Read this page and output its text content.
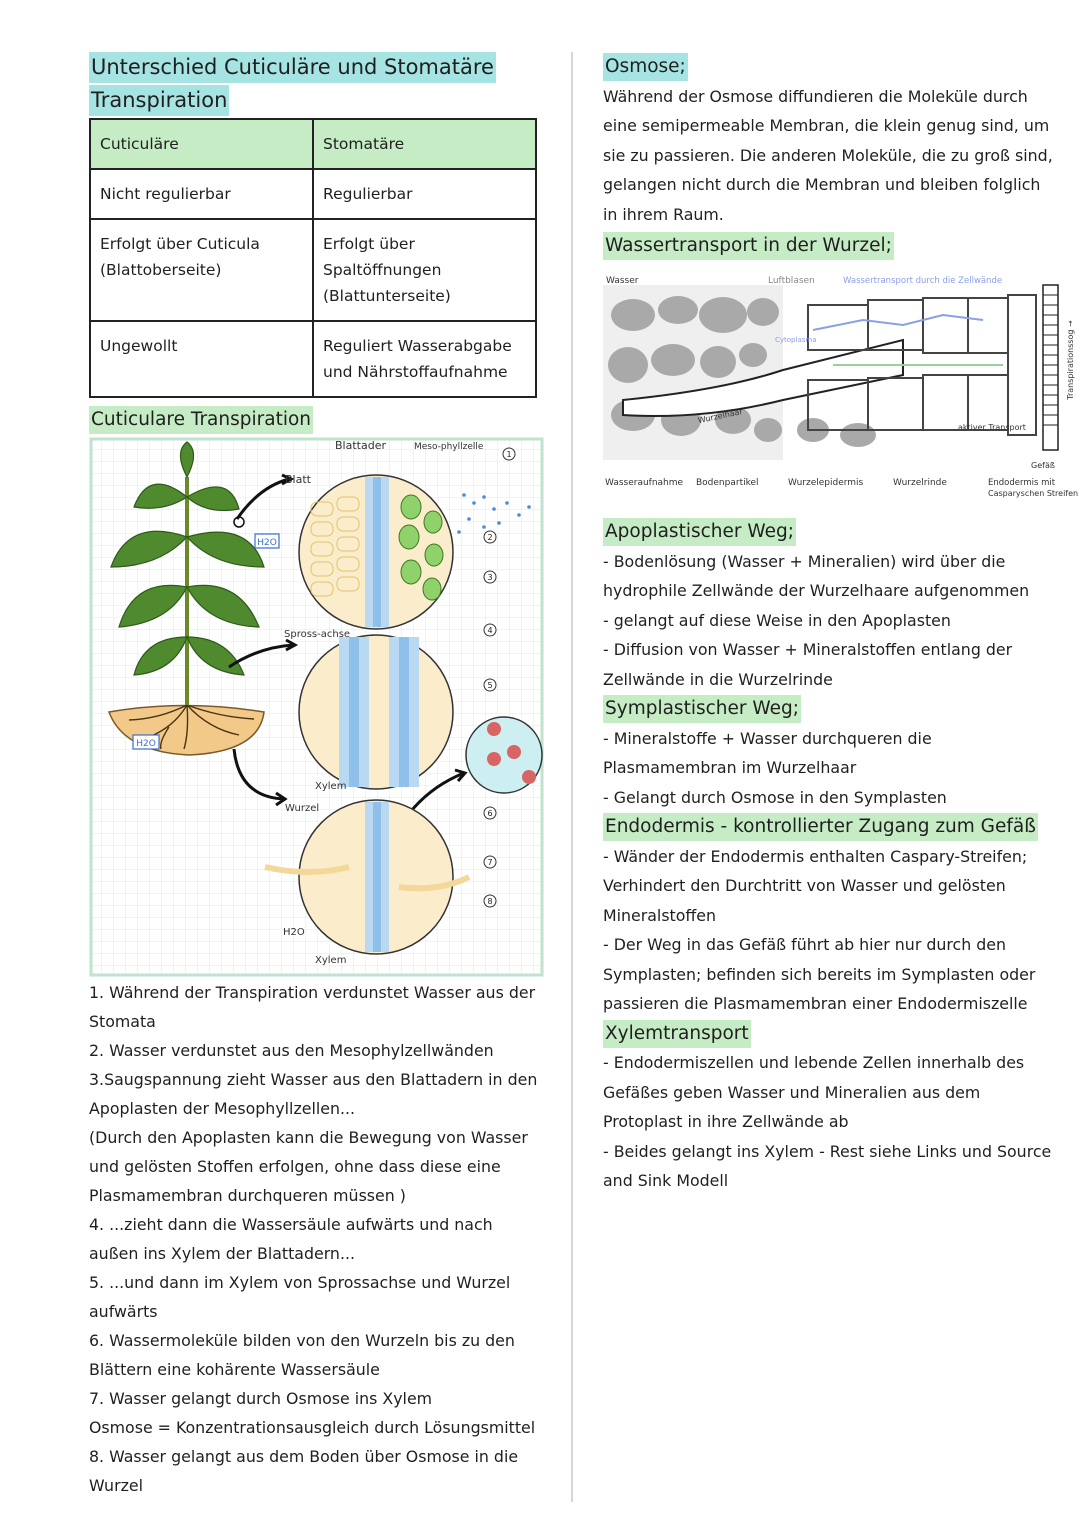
Unterschied Cuticuläre und Stomatäre
Transpiration
Cuticuläre	Stomatäre
Nicht regulierbar	Regulierbar
Erfolgt über Cuticula (Blattoberseite)	Erfolgt über Spaltöffnungen (Blattunterseite)
Ungewollt	Reguliert Wasserabgabe und Nährstoffaufnahme
Cuticulare Transpiration
H2O
H2O
1
2
3
4
5
6
7
8
Blattader	Meso-phyllzelle
Blatt
Spross-achse
Xylem
Wurzel
H2O
Xylem

1. Während der Transpiration verdunstet Wasser aus der Stomata

2. Wasser verdunstet aus den Mesophylzellwänden

3.Saugspannung zieht Wasser aus den Blattadern in den Apoplasten der Mesophyllzellen...

(Durch den Apoplasten kann die Bewegung von Wasser und gelösten Stoffen erfolgen, ohne dass diese eine Plasmamembran durchqueren müssen )

4. ...zieht dann die Wassersäule aufwärts und nach außen ins Xylem der Blattadern...

5. ...und dann im Xylem von Sprossachse und Wurzel aufwärts

6. Wassermoleküle bilden von den Wurzeln bis zu den Blättern eine kohärente Wassersäule

7. Wasser gelangt durch Osmose ins Xylem

Osmose = Konzentrationsausgleich durch Lösungsmittel

8. Wasser gelangt aus dem Boden über Osmose in die Wurzel

Osmose;

Während der Osmose diffundieren die Moleküle durch eine semipermeable Membran, die klein genug sind, um sie zu passieren. Die anderen Moleküle, die zu groß sind, gelangen nicht durch die Membran und bleiben folglich in ihrem Raum.

Wassertransport in der Wurzel;
Wasser	Luftblasen	Wassertransport durch die Zellwände
Cytoplasma
Wurzelhaar
aktiver Transport
Gefäß
Transpirationssog →
Wasseraufnahme Bodenpartikel	Wurzelepidermis	Wurzelrinde	Endodermis mit
Casparyschen Streifen
Apoplastischer Weg;

- Bodenlösung (Wasser + Mineralien) wird über die hydrophile Zellwände der Wurzelhaare aufgenommen

- gelangt auf diese Weise in den Apoplasten

- Diffusion von Wasser + Mineralstoffen entlang der Zellwände in die Wurzelrinde

Symplastischer Weg;

- Mineralstoffe + Wasser durchqueren die Plasmamembran im Wurzelhaar

- Gelangt durch Osmose in den Symplasten

Endodermis - kontrollierter Zugang zum Gefäß

- Wänder der Endodermis enthalten Caspary-Streifen; Verhindert den Durchtritt von Wasser und gelösten Mineralstoffen

- Der Weg in das Gefäß führt ab hier nur durch den Symplasten; befinden sich bereits im Symplasten oder passieren die Plasmamembran einer Endodermiszelle

Xylemtransport

- Endodermiszellen und lebende Zellen innerhalb des Gefäßes geben Wasser und Mineralien aus dem Protoplast in ihre Zellwände ab

- Beides gelangt ins Xylem - Rest siehe Links und Source and Sink Modell
